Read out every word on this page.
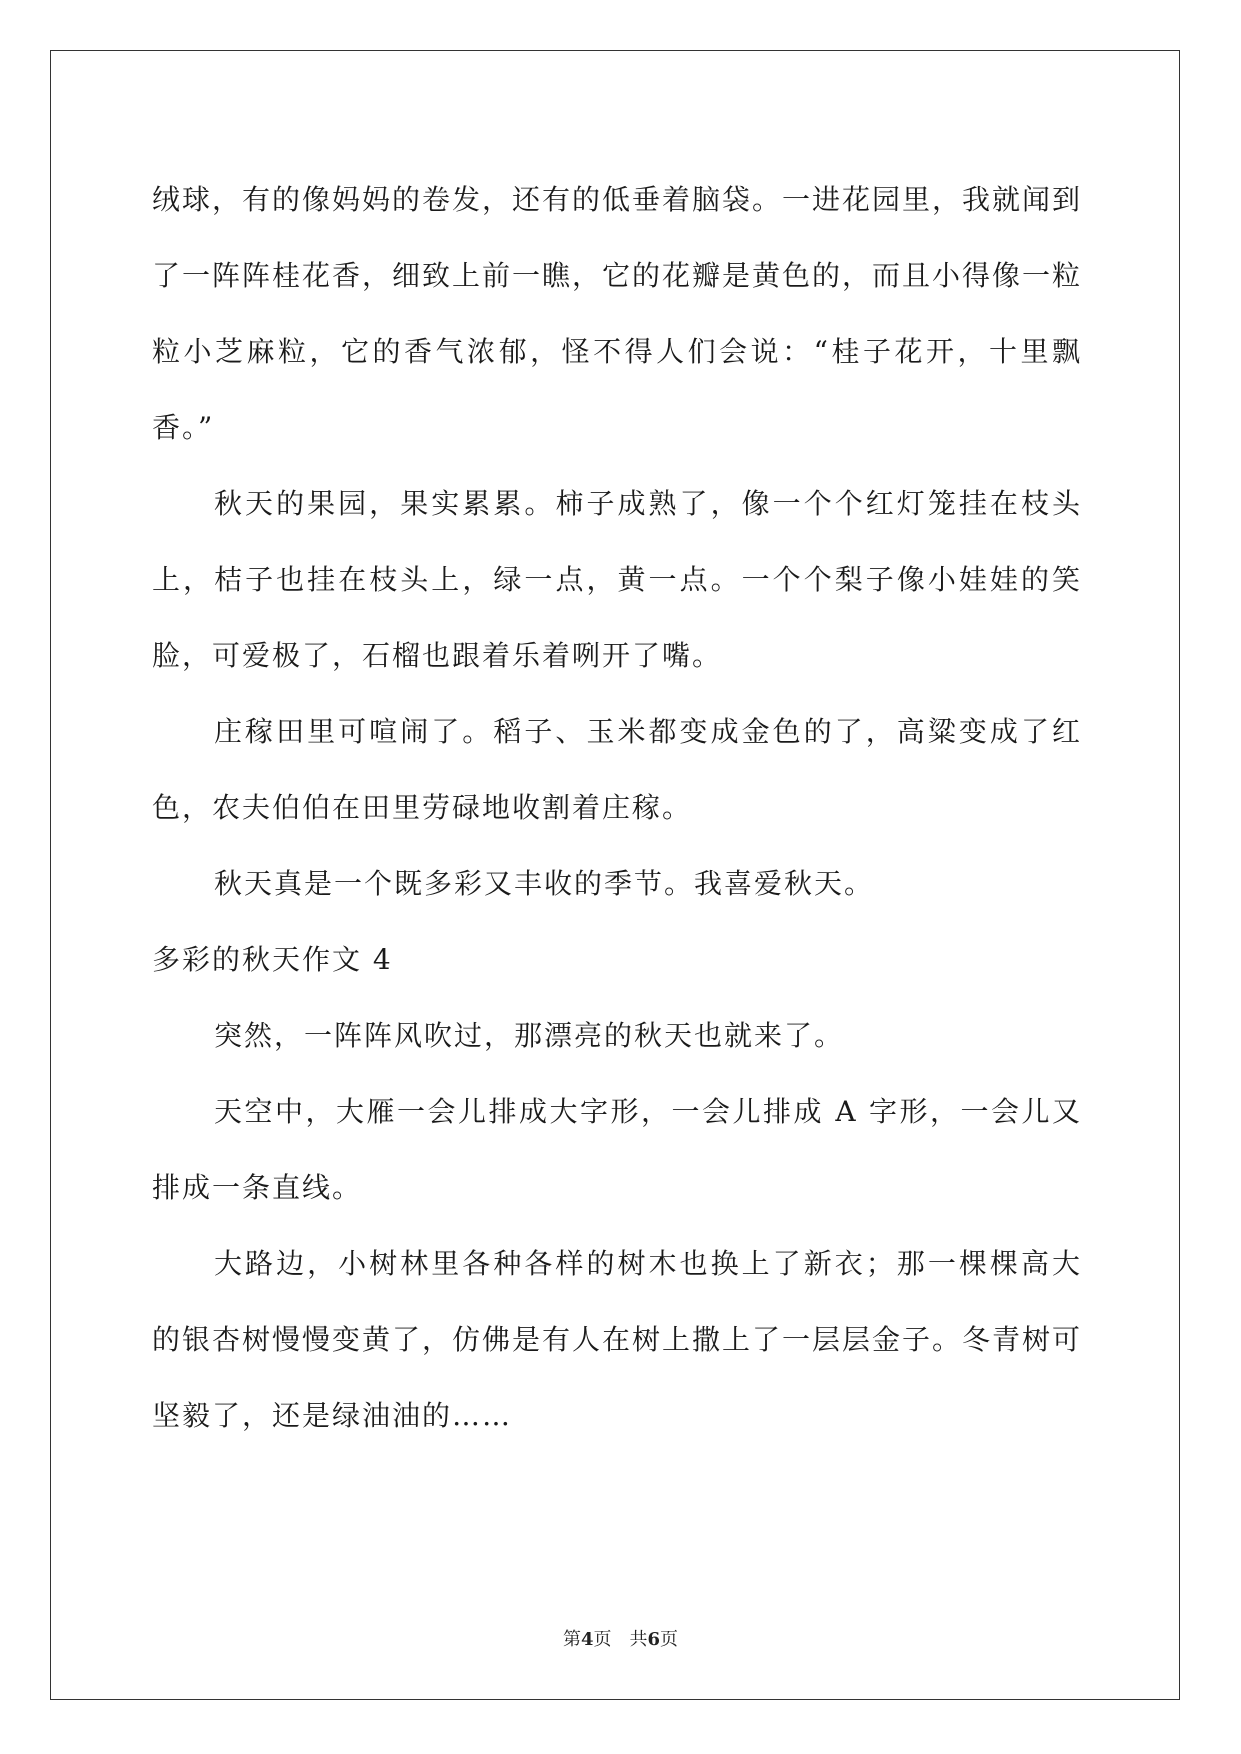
绒球，有的像妈妈的卷发，还有的低垂着脑袋。一进花园里，我就闻到了一阵阵桂花香，细致上前一瞧，它的花瓣是黄色的，而且小得像一粒粒小芝麻粒，它的香气浓郁，怪不得人们会说：“桂子花开，十里飘香。”

秋天的果园，果实累累。柿子成熟了，像一个个红灯笼挂在枝头上，桔子也挂在枝头上，绿一点，黄一点。一个个梨子像小娃娃的笑脸，可爱极了，石榴也跟着乐着咧开了嘴。

庄稼田里可喧闹了。稻子、玉米都变成金色的了，高粱变成了红色，农夫伯伯在田里劳碌地收割着庄稼。

秋天真是一个既多彩又丰收的季节。我喜爱秋天。

多彩的秋天作文 4

突然，一阵阵风吹过，那漂亮的秋天也就来了。

天空中，大雁一会儿排成大字形，一会儿排成 A 字形，一会儿又排成一条直线。

大路边，小树林里各种各样的树木也换上了新衣；那一棵棵高大的银杏树慢慢变黄了，仿佛是有人在树上撒上了一层层金子。冬青树可坚毅了，还是绿油油的……

第4页　共6页
